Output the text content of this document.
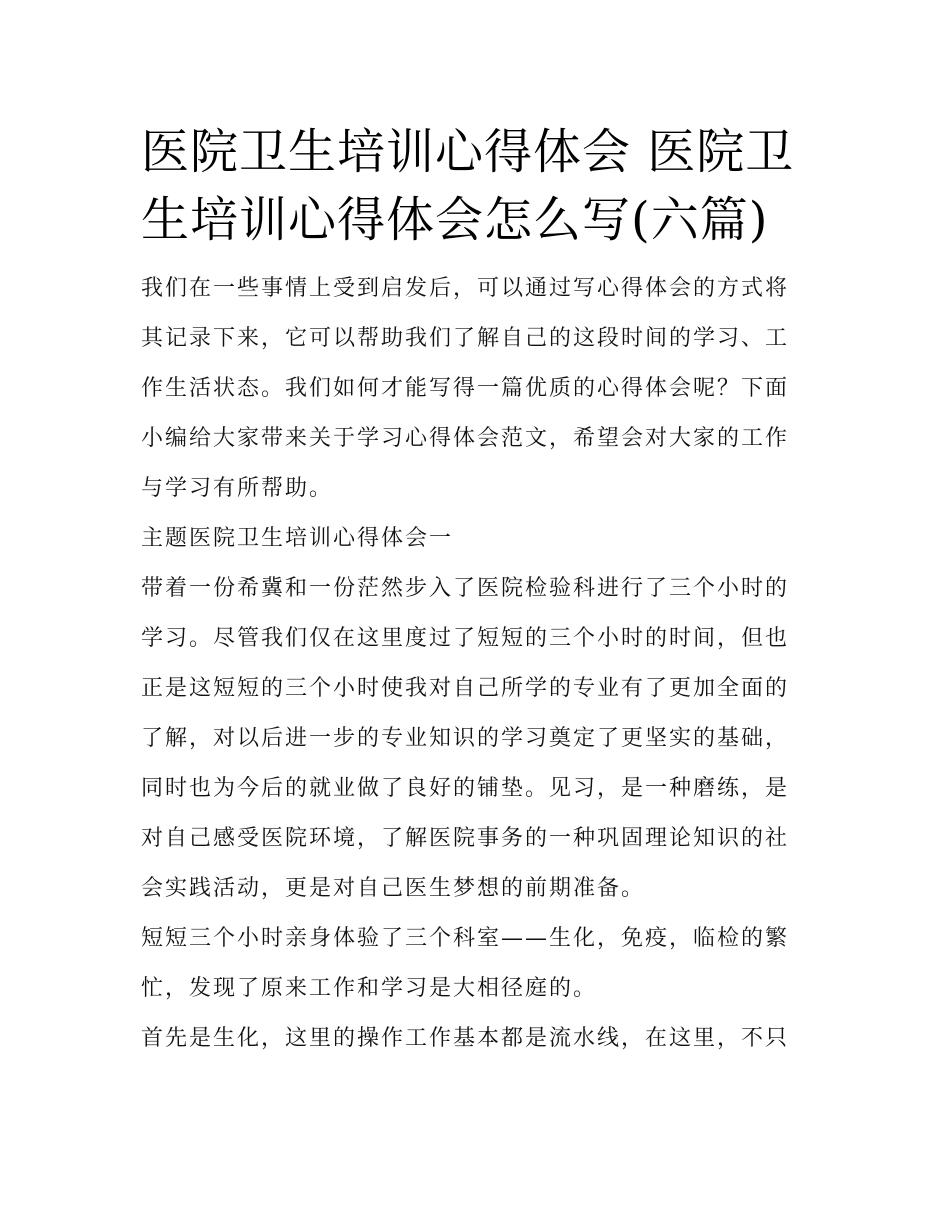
医院卫生培训心得体会 医院卫
生培训心得体会怎么写(六篇)

我们在一些事情上受到启发后，可以通过写心得体会的方式将
其记录下来，它可以帮助我们了解自己的这段时间的学习、工
作生活状态。我们如何才能写得一篇优质的心得体会呢？下面
小编给大家带来关于学习心得体会范文，希望会对大家的工作
与学习有所帮助。

主题医院卫生培训心得体会一

带着一份希冀和一份茫然步入了医院检验科进行了三个小时的
学习。尽管我们仅在这里度过了短短的三个小时的时间，但也
正是这短短的三个小时使我对自己所学的专业有了更加全面的
了解，对以后进一步的专业知识的学习奠定了更坚实的基础，
同时也为今后的就业做了良好的铺垫。见习，是一种磨练，是
对自己感受医院环境，了解医院事务的一种巩固理论知识的社
会实践活动，更是对自己医生梦想的前期准备。

短短三个小时亲身体验了三个科室——生化，免疫，临检的繁
忙，发现了原来工作和学习是大相径庭的。

首先是生化，这里的操作工作基本都是流水线，在这里，不只
